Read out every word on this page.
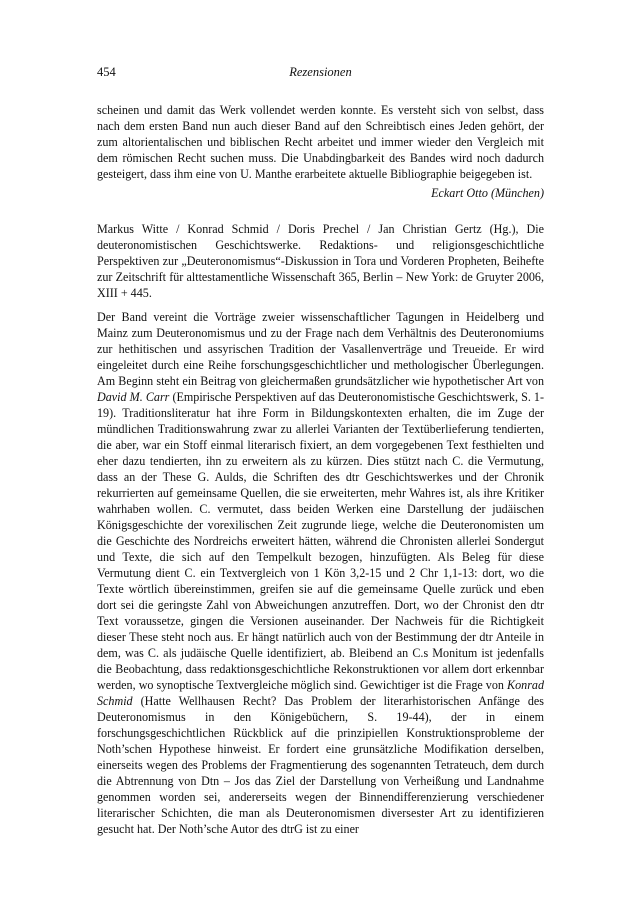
454	Rezensionen

scheinen und damit das Werk vollendet werden konnte. Es versteht sich von selbst, dass nach dem ersten Band nun auch dieser Band auf den Schreibtisch eines Jeden gehört, der zum altorientalischen und biblischen Recht arbeitet und immer wieder den Vergleich mit dem römischen Recht suchen muss. Die Unabdingbarkeit des Bandes wird noch dadurch gesteigert, dass ihm eine von U. Manthe erarbeitete aktuelle Bibliographie beigegeben ist.

Eckart Otto (München)

Markus Witte / Konrad Schmid / Doris Prechel / Jan Christian Gertz (Hg.), Die deuteronomistischen Geschichtswerke. Redaktions- und religionsgeschichtliche Perspektiven zur „Deuteronomismus“-Diskussion in Tora und Vorderen Propheten, Beihefte zur Zeitschrift für alttestamentliche Wissenschaft 365, Berlin – New York: de Gruyter 2006, XIII + 445.

Der Band vereint die Vorträge zweier wissenschaftlicher Tagungen in Heidelberg und Mainz zum Deuteronomismus und zu der Frage nach dem Verhältnis des Deuteronomiums zur hethitischen und assyrischen Tradition der Vasallenverträge und Treueide. Er wird eingeleitet durch eine Reihe forschungsgeschichtlicher und methologischer Überlegungen. Am Beginn steht ein Beitrag von gleichermaßen grundsätzlicher wie hypothetischer Art von David M. Carr (Empirische Perspektiven auf das Deuteronomistische Geschichtswerk, S. 1-19). Traditionsliteratur hat ihre Form in Bildungskontexten erhalten, die im Zuge der mündlichen Traditionswahrung zwar zu allerlei Varianten der Textüberlieferung tendierten, die aber, war ein Stoff einmal literarisch fixiert, an dem vorgegebenen Text festhielten und eher dazu tendierten, ihn zu erweitern als zu kürzen. Dies stützt nach C. die Vermutung, dass an der These G. Aulds, die Schriften des dtr Geschichtswerkes und der Chronik rekurrierten auf gemeinsame Quellen, die sie erweiterten, mehr Wahres ist, als ihre Kritiker wahrhaben wollen. C. vermutet, dass beiden Werken eine Darstellung der judäischen Königsgeschichte der vorexilischen Zeit zugrunde liege, welche die Deuteronomisten um die Geschichte des Nordreichs erweitert hätten, während die Chronisten allerlei Sondergut und Texte, die sich auf den Tempelkult bezogen, hinzufügten. Als Beleg für diese Vermutung dient C. ein Textvergleich von 1 Kön 3,2-15 und 2 Chr 1,1-13: dort, wo die Texte wörtlich übereinstimmen, greifen sie auf die gemeinsame Quelle zurück und eben dort sei die geringste Zahl von Abweichungen anzutreffen. Dort, wo der Chronist den dtr Text voraussetze, gingen die Versionen auseinander. Der Nachweis für die Richtigkeit dieser These steht noch aus. Er hängt natürlich auch von der Bestimmung der dtr Anteile in dem, was C. als judäische Quelle identifiziert, ab. Bleibend an C.s Monitum ist jedenfalls die Beobachtung, dass redaktionsgeschichtliche Rekonstruktionen vor allem dort erkennbar werden, wo synoptische Textvergleiche möglich sind. Gewichtiger ist die Frage von Konrad Schmid (Hatte Wellhausen Recht? Das Problem der literarhistorischen Anfänge des Deuteronomismus in den Königebüchern, S. 19-44), der in einem forschungsgeschichtlichen Rückblick auf die prinzipiellen Konstruktionsprobleme der Noth’schen Hypothese hinweist. Er fordert eine grunsätzliche Modifikation derselben, einerseits wegen des Problems der Fragmentierung des sogenannten Tetrateuch, dem durch die Abtrennung von Dtn – Jos das Ziel der Darstellung von Verheißung und Landnahme genommen worden sei, andererseits wegen der Binnendifferenzierung verschiedener literarischer Schichten, die man als Deuteronomismen diversester Art zu identifizieren gesucht hat. Der Noth’sche Autor des dtrG ist zu einer
